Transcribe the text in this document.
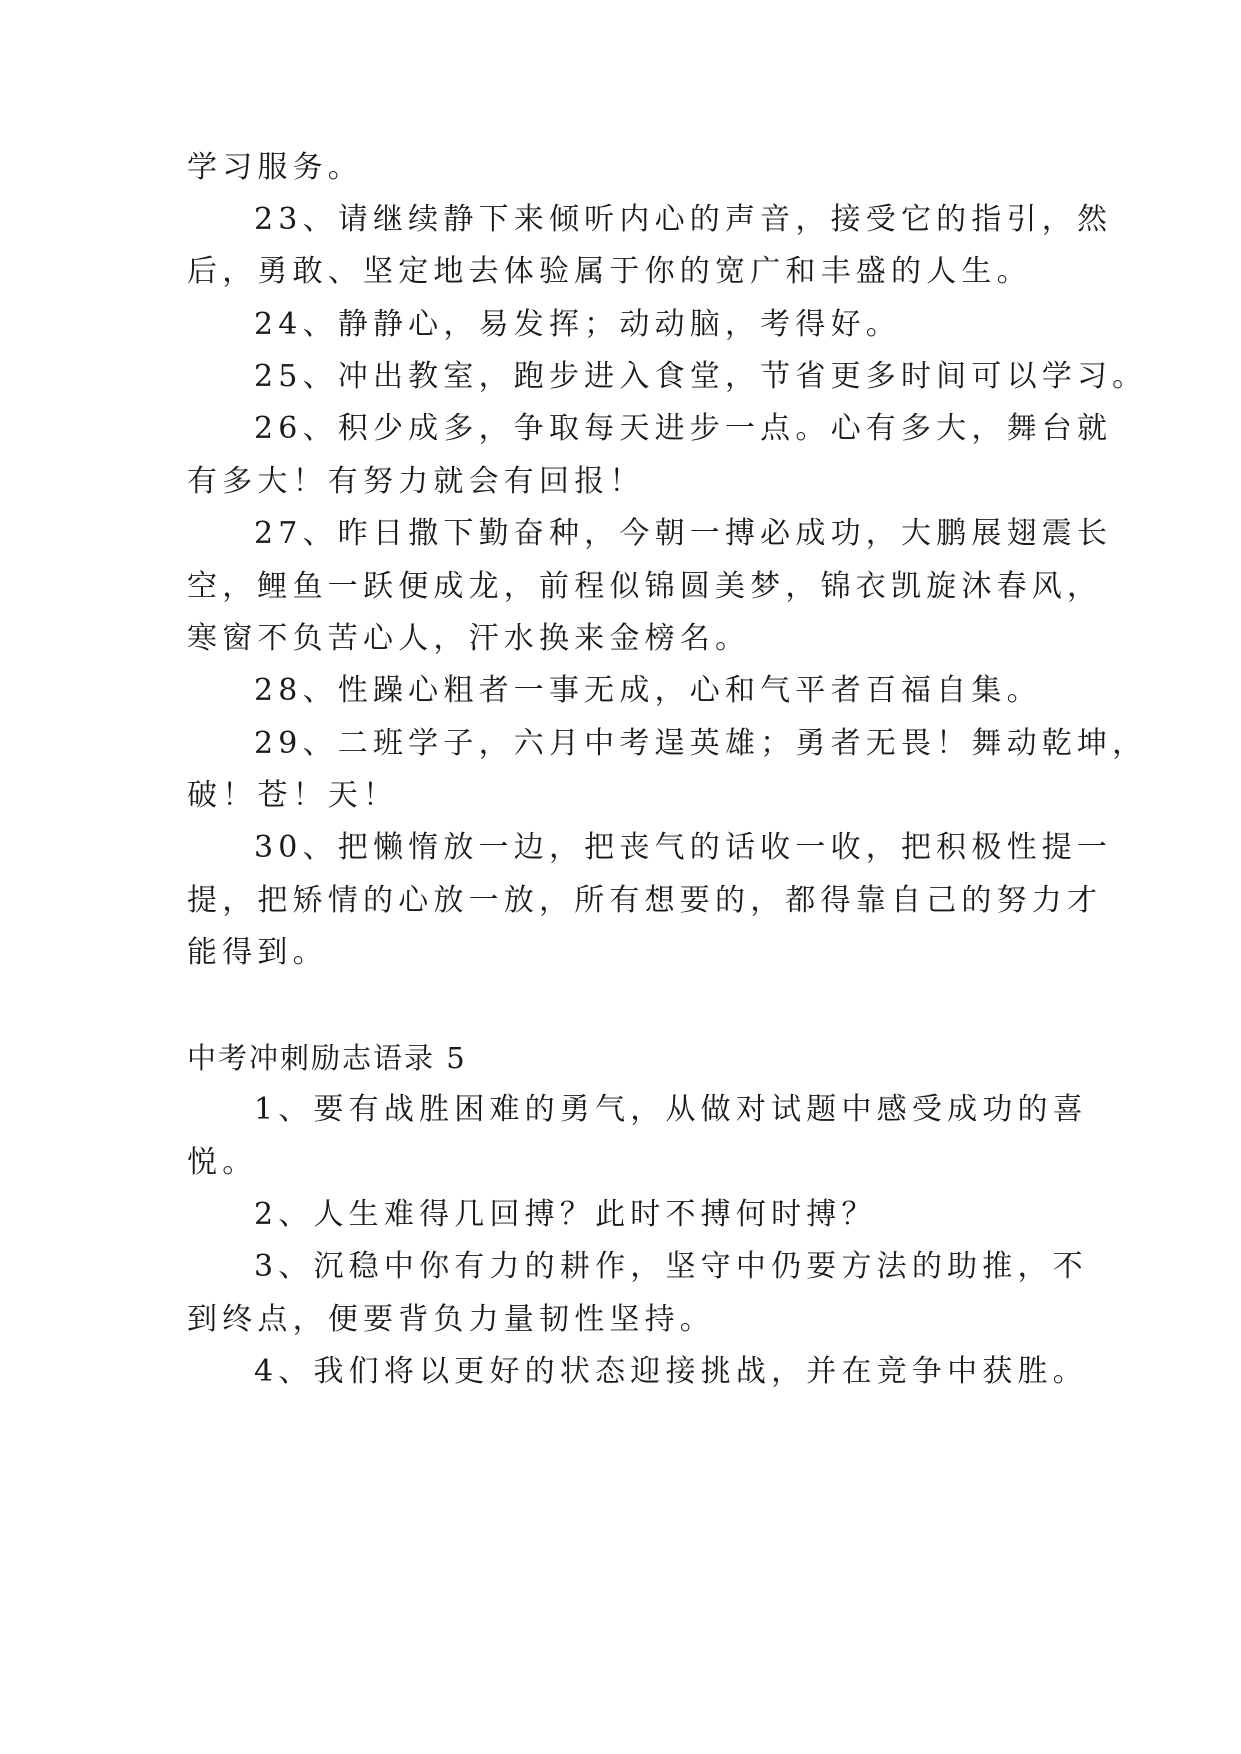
学习服务。
23、请继续静下来倾听内心的声音，接受它的指引，然
后，勇敢、坚定地去体验属于你的宽广和丰盛的人生。
24、静静心，易发挥；动动脑，考得好。
25、冲出教室，跑步进入食堂，节省更多时间可以学习。
26、积少成多，争取每天进步一点。心有多大，舞台就
有多大！有努力就会有回报！
27、昨日撒下勤奋种，今朝一搏必成功，大鹏展翅震长
空，鲤鱼一跃便成龙，前程似锦圆美梦，锦衣凯旋沐春风，
寒窗不负苦心人，汗水换来金榜名。
28、性躁心粗者一事无成，心和气平者百福自集。
29、二班学子，六月中考逞英雄；勇者无畏！舞动乾坤，
破！苍！天！
30、把懒惰放一边，把丧气的话收一收，把积极性提一
提，把矫情的心放一放，所有想要的，都得靠自己的努力才
能得到。
中考冲刺励志语录 5
1、要有战胜困难的勇气，从做对试题中感受成功的喜
悦。
2、人生难得几回搏？此时不搏何时搏？
3、沉稳中你有力的耕作，坚守中仍要方法的助推，不
到终点，便要背负力量韧性坚持。
4、我们将以更好的状态迎接挑战，并在竞争中获胜。
